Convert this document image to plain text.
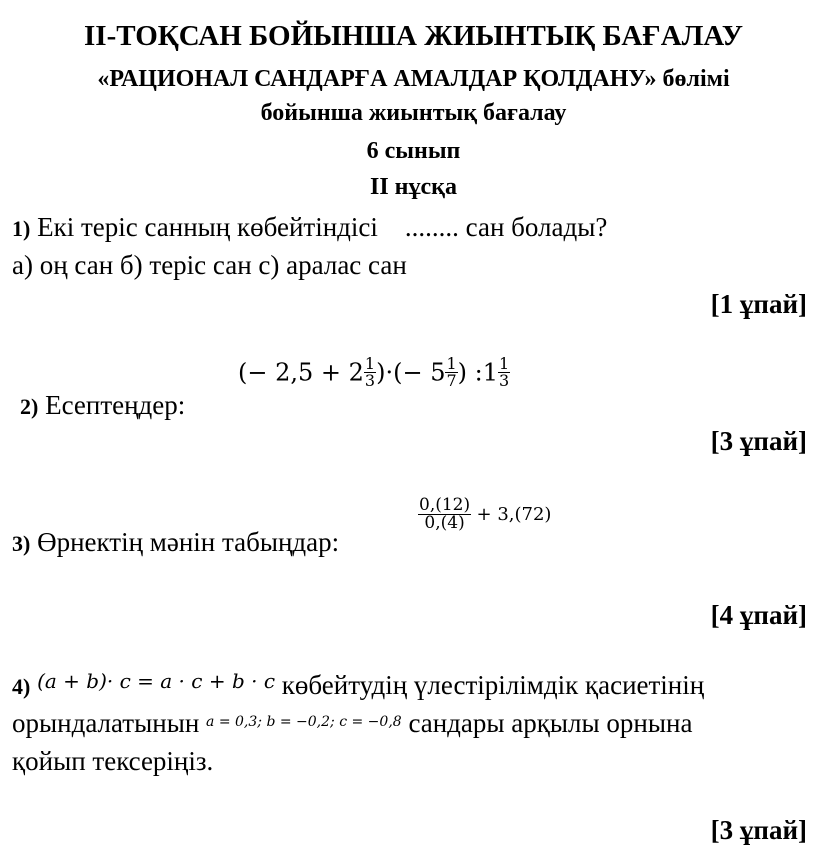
ІІ-ТОҚСАН БОЙЫНША ЖИЫНТЫҚ БАҒАЛАУ
«РАЦИОНАЛ САНДАРҒА АМАЛДАР ҚОЛДАНУ» бөлімі
бойынша жиынтық бағалау
6 сынып
ІІ нұсқа
1) Екі теріс санның көбейтіндісі    ........ сан болады?
а) оң сан б) теріс сан с) аралас сан
[1 ұпай]
2) Есептеңдер:
(− $2,5 + 2 \frac{1}{3}$ )·(− $5 \frac{1}{7}$ ) :1 $\frac{1}{3}$
[3 ұпай]
3) Өрнектің мәнін табыңдар:
$\frac{0,(12)}{0,(4)} + 3,(72)$
[4 ұпай]
4) $^{(a + b)\cdot c = a \cdot c + b \cdot c}$ көбейтудің үлестірілімдік қасиетінің
орындалатынын $^{a = 0,3; b = -0,2; c = -0,8}$ сандары арқылы орнына
қойып тексеріңіз.
[3 ұпай]
